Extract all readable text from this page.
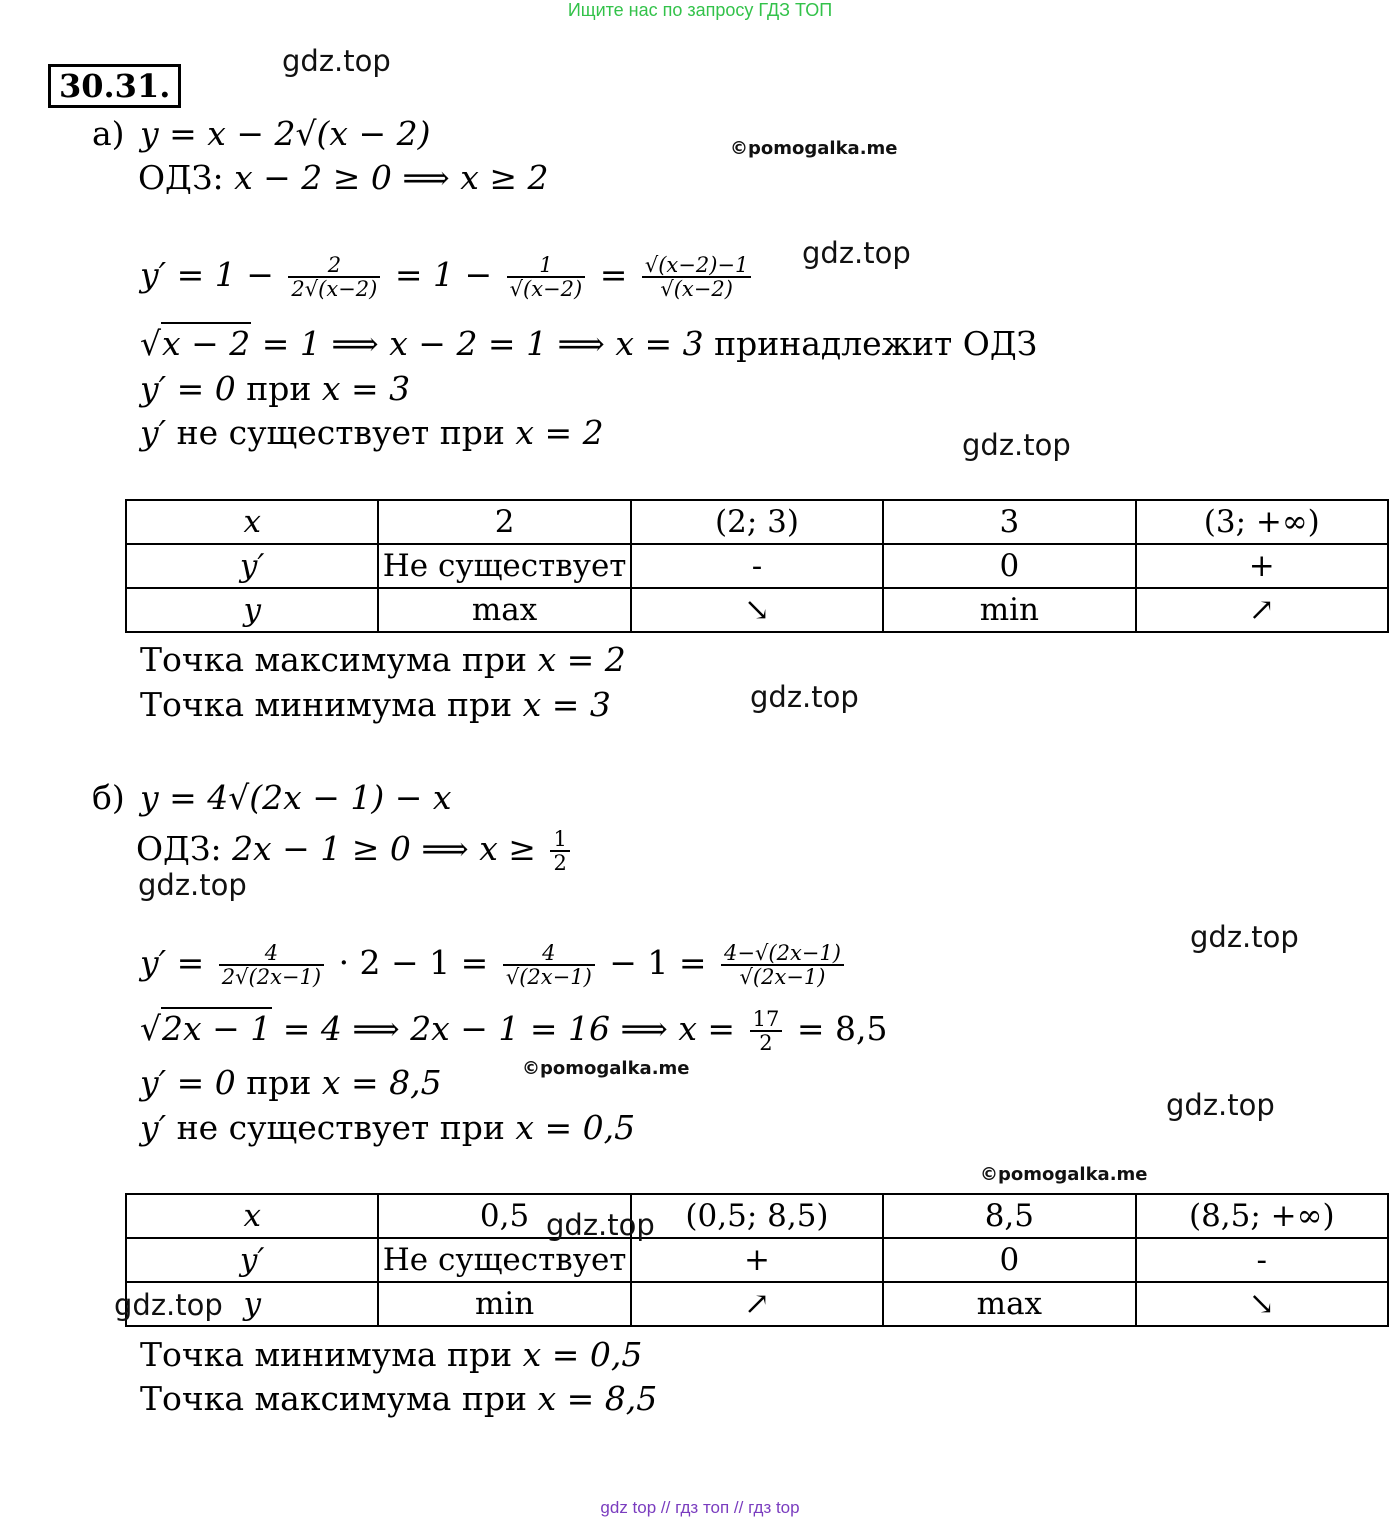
Ищите нас по запросу ГДЗ ТОП
30.31.
а) y = x − 2√(x − 2)
ОДЗ: x − 2 ≥ 0 ⟹ x ≥ 2
$y' = 1 - \frac{2}{2√(x-2)} = 1 - \frac{1}{√(x-2)} = \frac{√(x-2)-1}{√(x-2)}$
√ x − 2 = 1 ⟹ x − 2 = 1 ⟹ x = 3 принадлежит ОДЗ
y′ = 0 при x = 3
y′ не существует при x = 2
x	2	(2; 3)	3	(3; +∞)
y′	Не существует	-	0	+
y	max	↘	min	↗
Точка максимума при x = 2
Точка минимума при x = 3
б) y = 4√(2x − 1) − x
ОДЗ: 2x − 1 ≥ 0 ⟹ $x \ge \frac{1}{2}$
$y' = \frac{4}{2√(2x-1)} \cdot 2 - 1 = \frac{4}{√(2x-1)} - 1 = \frac{4-√(2x-1)}{√(2x-1)}$
√ 2x − 1 = 4 ⟹ 2x − 1 = 16 ⟹ $x = \frac{17}{2} = 8,5$
y′ = 0 при x = 8,5
y′ не существует при x = 0,5
x	0,5	(0,5; 8,5)	8,5	(8,5; +∞)
y′	Не существует	+	0	-
y	min	↗	max	↘
Точка минимума при x = 0,5
Точка максимума при x = 8,5
gdz.top
©pomogalka.me
gdz.top
gdz.top
gdz.top
gdz.top
gdz.top
©pomogalka.me
gdz.top
©pomogalka.me
gdz.top
gdz.top
gdz top // гдз топ // гдз top
